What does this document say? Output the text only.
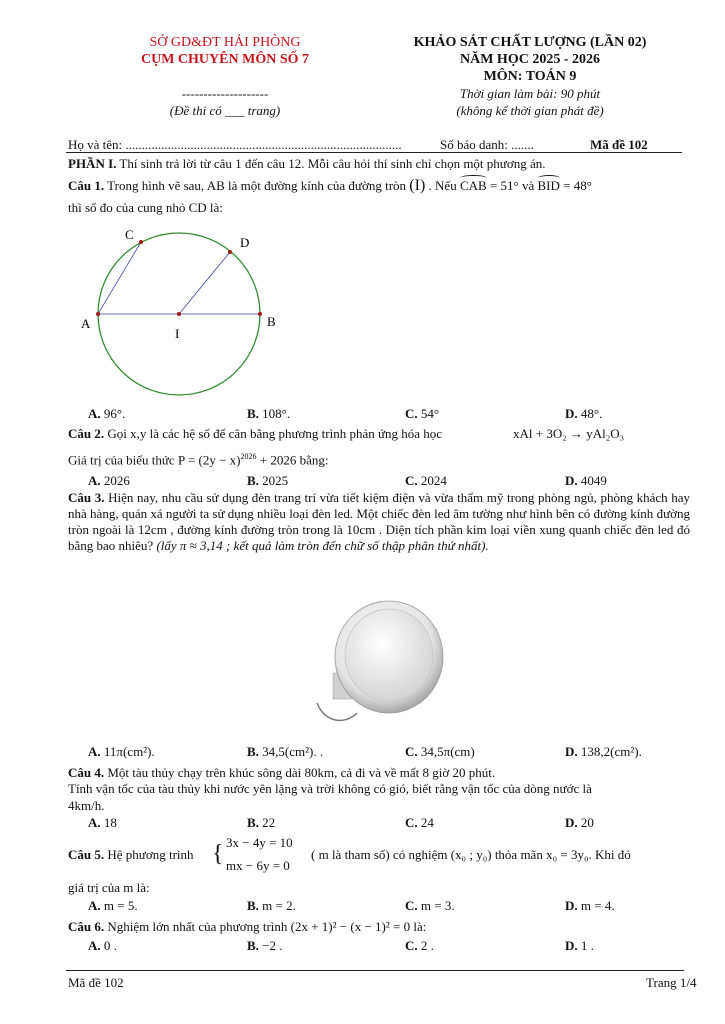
SỞ GD&ĐT HẢI PHÒNG
CỤM CHUYÊN MÔN SỐ 7
--------------------
(Đề thi có ___ trang)
KHẢO SÁT CHẤT LƯỢNG (LẦN 02)
NĂM HỌC 2025 - 2026
MÔN: TOÁN 9
Thời gian làm bài: 90 phút
(không kể thời gian phát đề)
Họ và tên: .....................................................................................	Số báo danh: .......	Mã đề 102
PHẦN I. Thí sinh trả lời từ câu 1 đến câu 12. Mỗi câu hỏi thí sinh chỉ chọn một phương án.
Câu 1. Trong hình vẽ sau, AB là một đường kính của đường tròn (I) . Nếu CAB = 51° và BID = 48°
thì số đo của cung nhỏ CD là:
C
D
A	B
I
A. 96°.	B. 108°.	C. 54°	D. 48°.
Câu 2. Gọi x,y là các hệ số để cân bằng phương trình phản ứng hóa học	xAl + 3O₂ → yAl₂O₃
Giá trị của biểu thức $P = (2y - x)^{2026} + 2026$ bằng:
A. 2026	B. 2025	C. 2024	D. 4049
Câu 3. Hiện nay, nhu cầu sử dụng đèn trang trí vừa tiết kiệm điện và vừa thẩm mỹ trong phòng ngủ, phòng khách hay nhà hàng, quán xá người ta sử dụng nhiều loại đèn led. Một chiếc đèn led âm tường như hình bên có đường kính đường tròn ngoài là 12cm , đường kính đường tròn trong là 10cm . Diện tích phần kim loại viền xung quanh chiếc đèn led đó bằng bao nhiêu? (lấy π ≈ 3,14 ; kết quả làm tròn đến chữ số thập phân thứ nhất).
A. 11π(cm²).	B. 34,5(cm²). .	C. 34,5π(cm)	D. 138,2(cm²).
Câu 4. Một tàu thủy chạy trên khúc sông dài 80km, cả đi và về mất 8 giờ 20 phút.
Tính vận tốc của tàu thủy khi nước yên lặng và trời không có gió, biết rằng vận tốc của dòng nước là
4km/h.
A. 18	B. 22	C. 24	D. 20
Câu 5. Hệ phương trình { 3x − 4y = 10
mx − 6y = 0
( m là tham số) có nghiệm (x₀ ; y₀) thỏa mãn x₀ = 3y₀. Khi đó
giá trị của m là:
A. m = 5.	B. m = 2.	C. m = 3.	D. m = 4.
Câu 6. Nghiệm lớn nhất của phương trình (2x + 1)² − (x − 1)² = 0 là:
A. 0 .	B. −2 .	C. 2 .	D. 1 .
Mã đề 102	Trang 1/4
